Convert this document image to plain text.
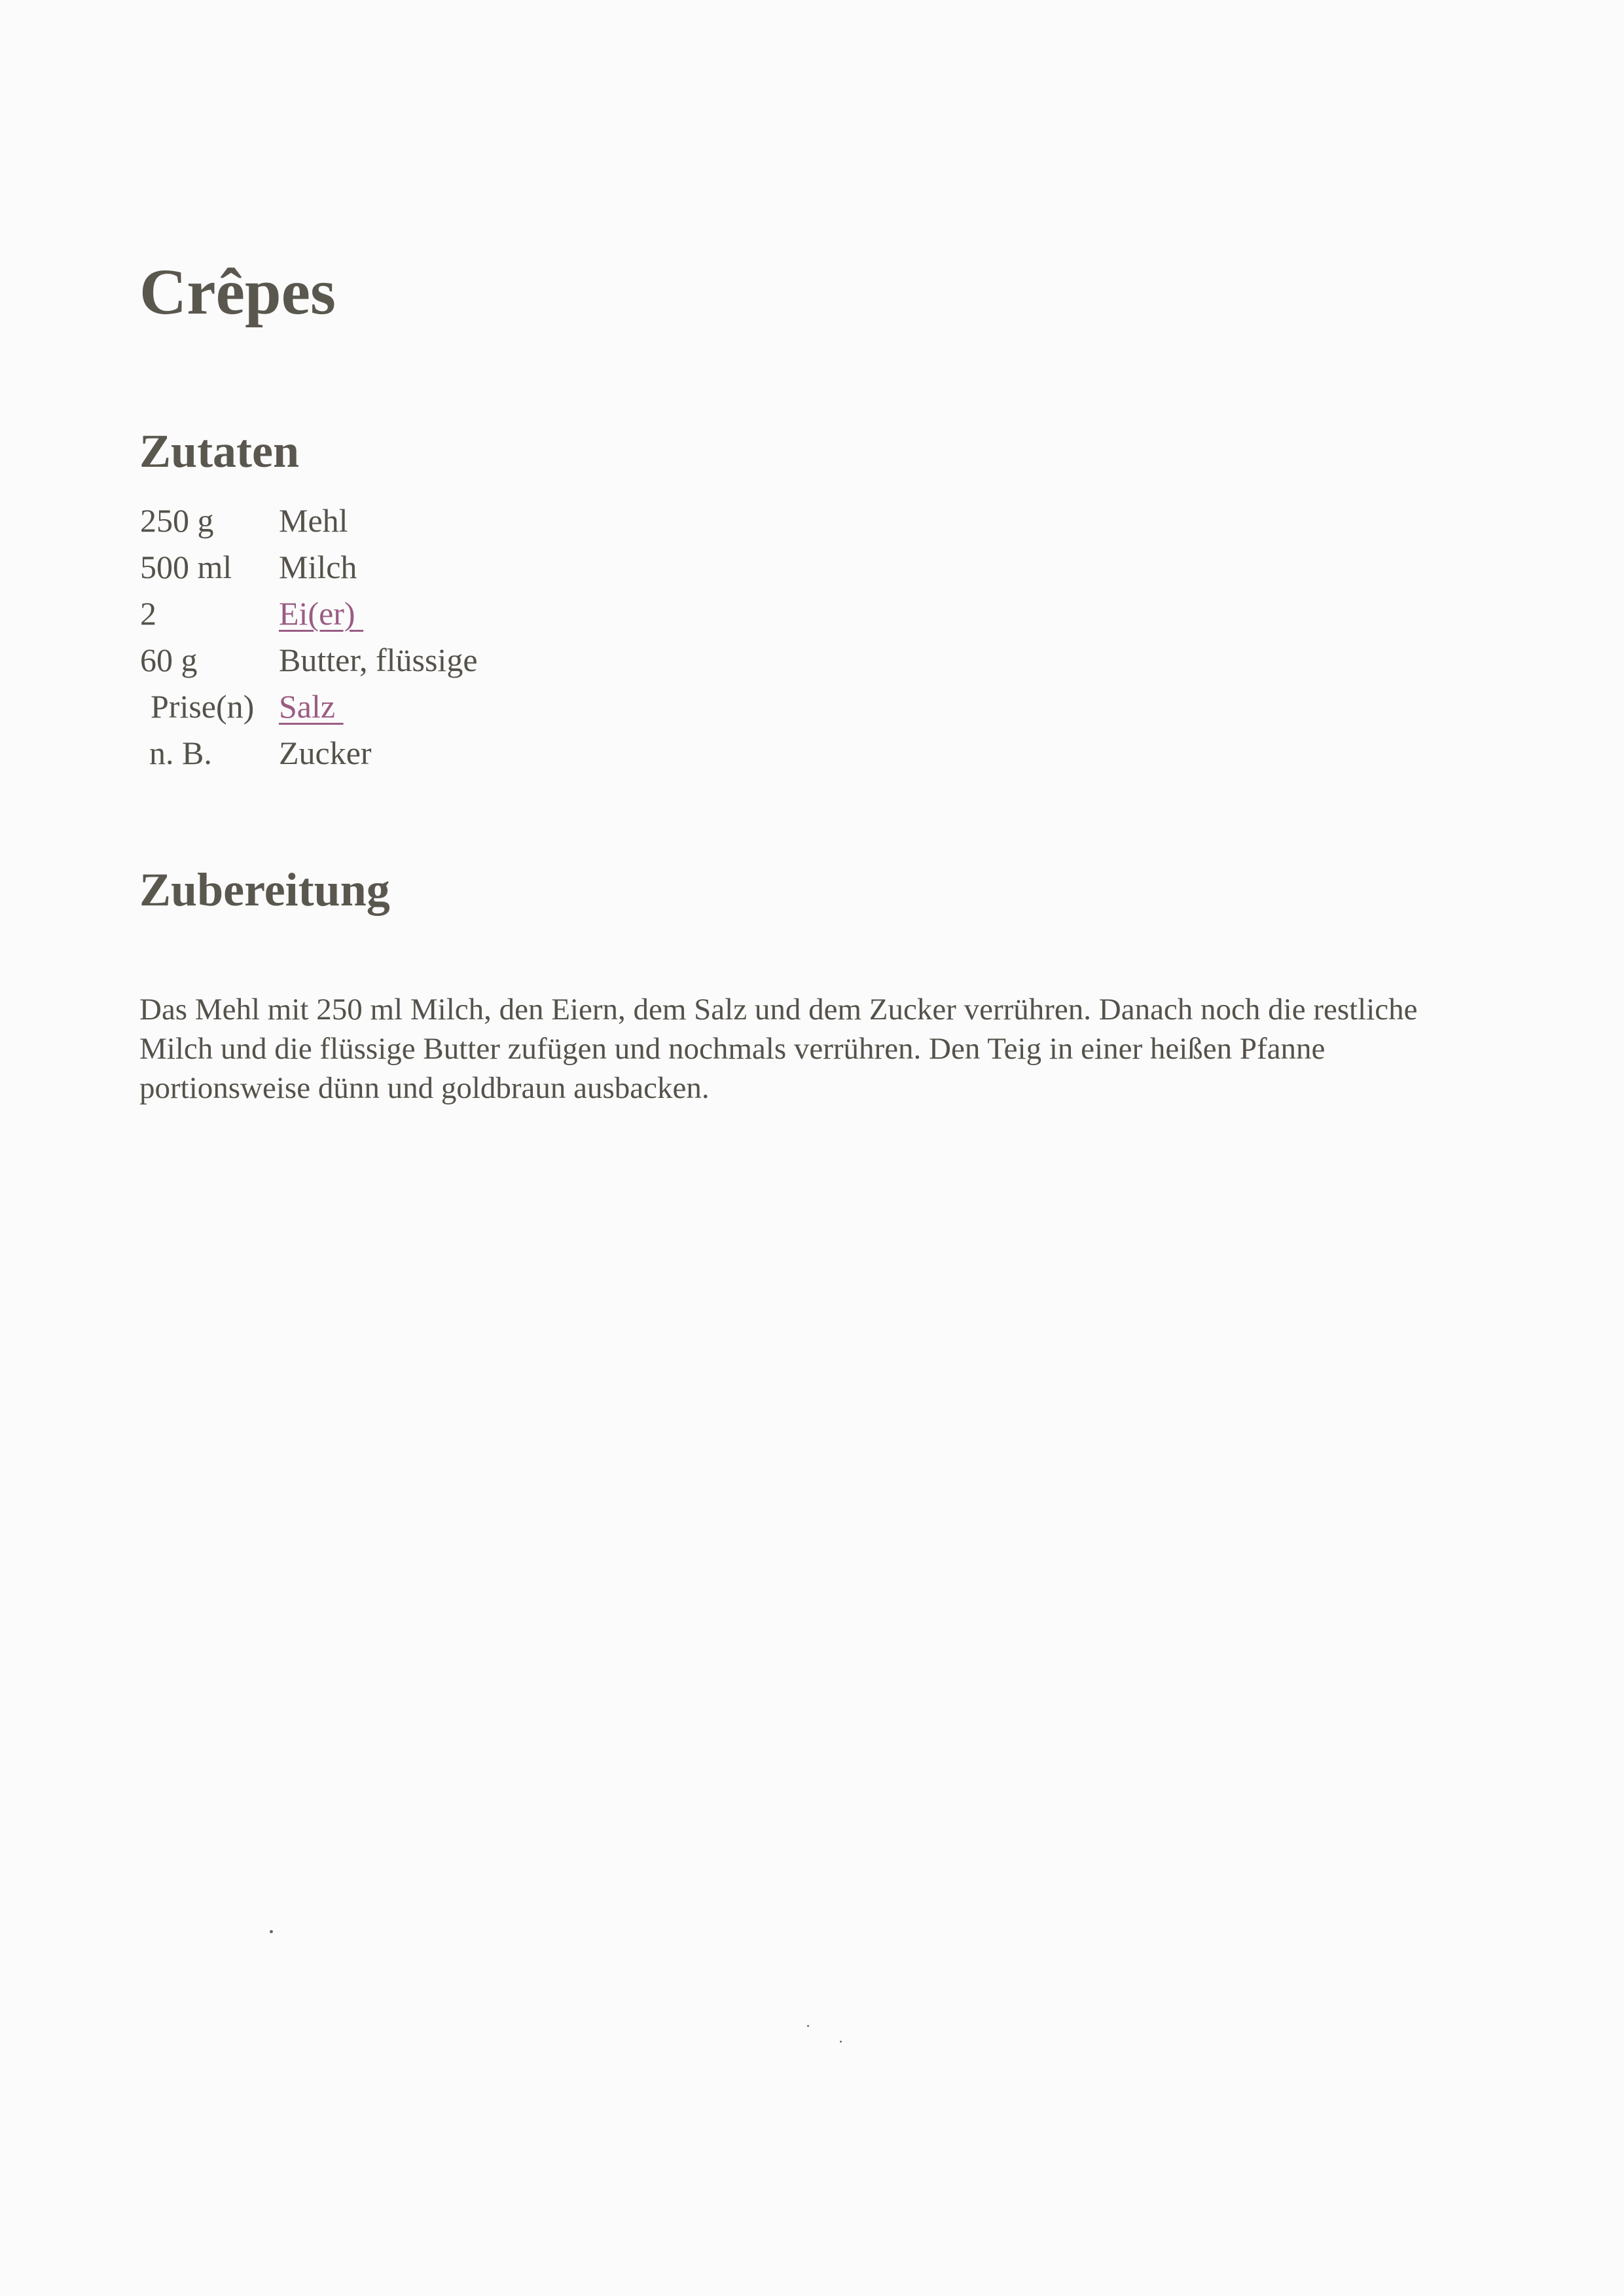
Crêpes
Zutaten
250 g	Mehl
500 ml	Milch
2	Ei(er)
60 g	Butter, flüssige
Prise(n)	Salz
n. B.	Zucker
Zubereitung

Das Mehl mit 250 ml Milch, den Eiern, dem Salz und dem Zucker verrühren. Danach noch die restliche Milch und die flüssige Butter zufügen und nochmals verrühren. Den Teig in einer heißen Pfanne portionsweise dünn und goldbraun ausbacken.
